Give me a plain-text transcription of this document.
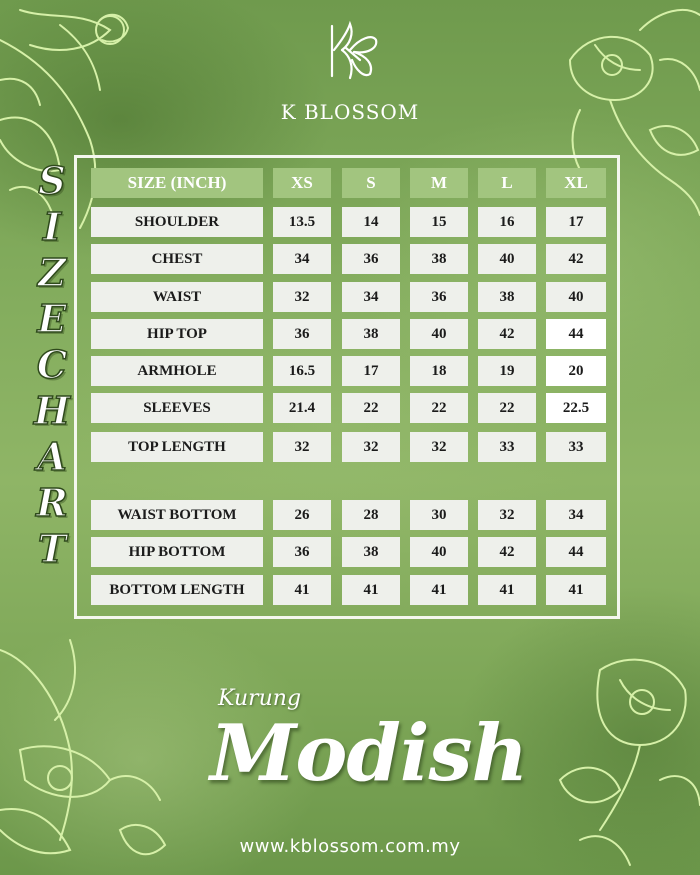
K BLOSSOM
S
I
Z
E
C
H
A
R
T
SIZE (INCH)	XS	S	M	L	XL
SHOULDER	13.5	14	15	16	17
CHEST	34	36	38	40	42
WAIST	32	34	36	38	40
HIP TOP	36	38	40	42	44
ARMHOLE	16.5	17	18	19	20
SLEEVES	21.4	22	22	22	22.5
TOP LENGTH	32	32	32	33	33
WAIST BOTTOM	26	28	30	32	34
HIP BOTTOM	36	38	40	42	44
BOTTOM LENGTH	41	41	41	41	41
Kurung
Modish
www.kblossom.com.my
